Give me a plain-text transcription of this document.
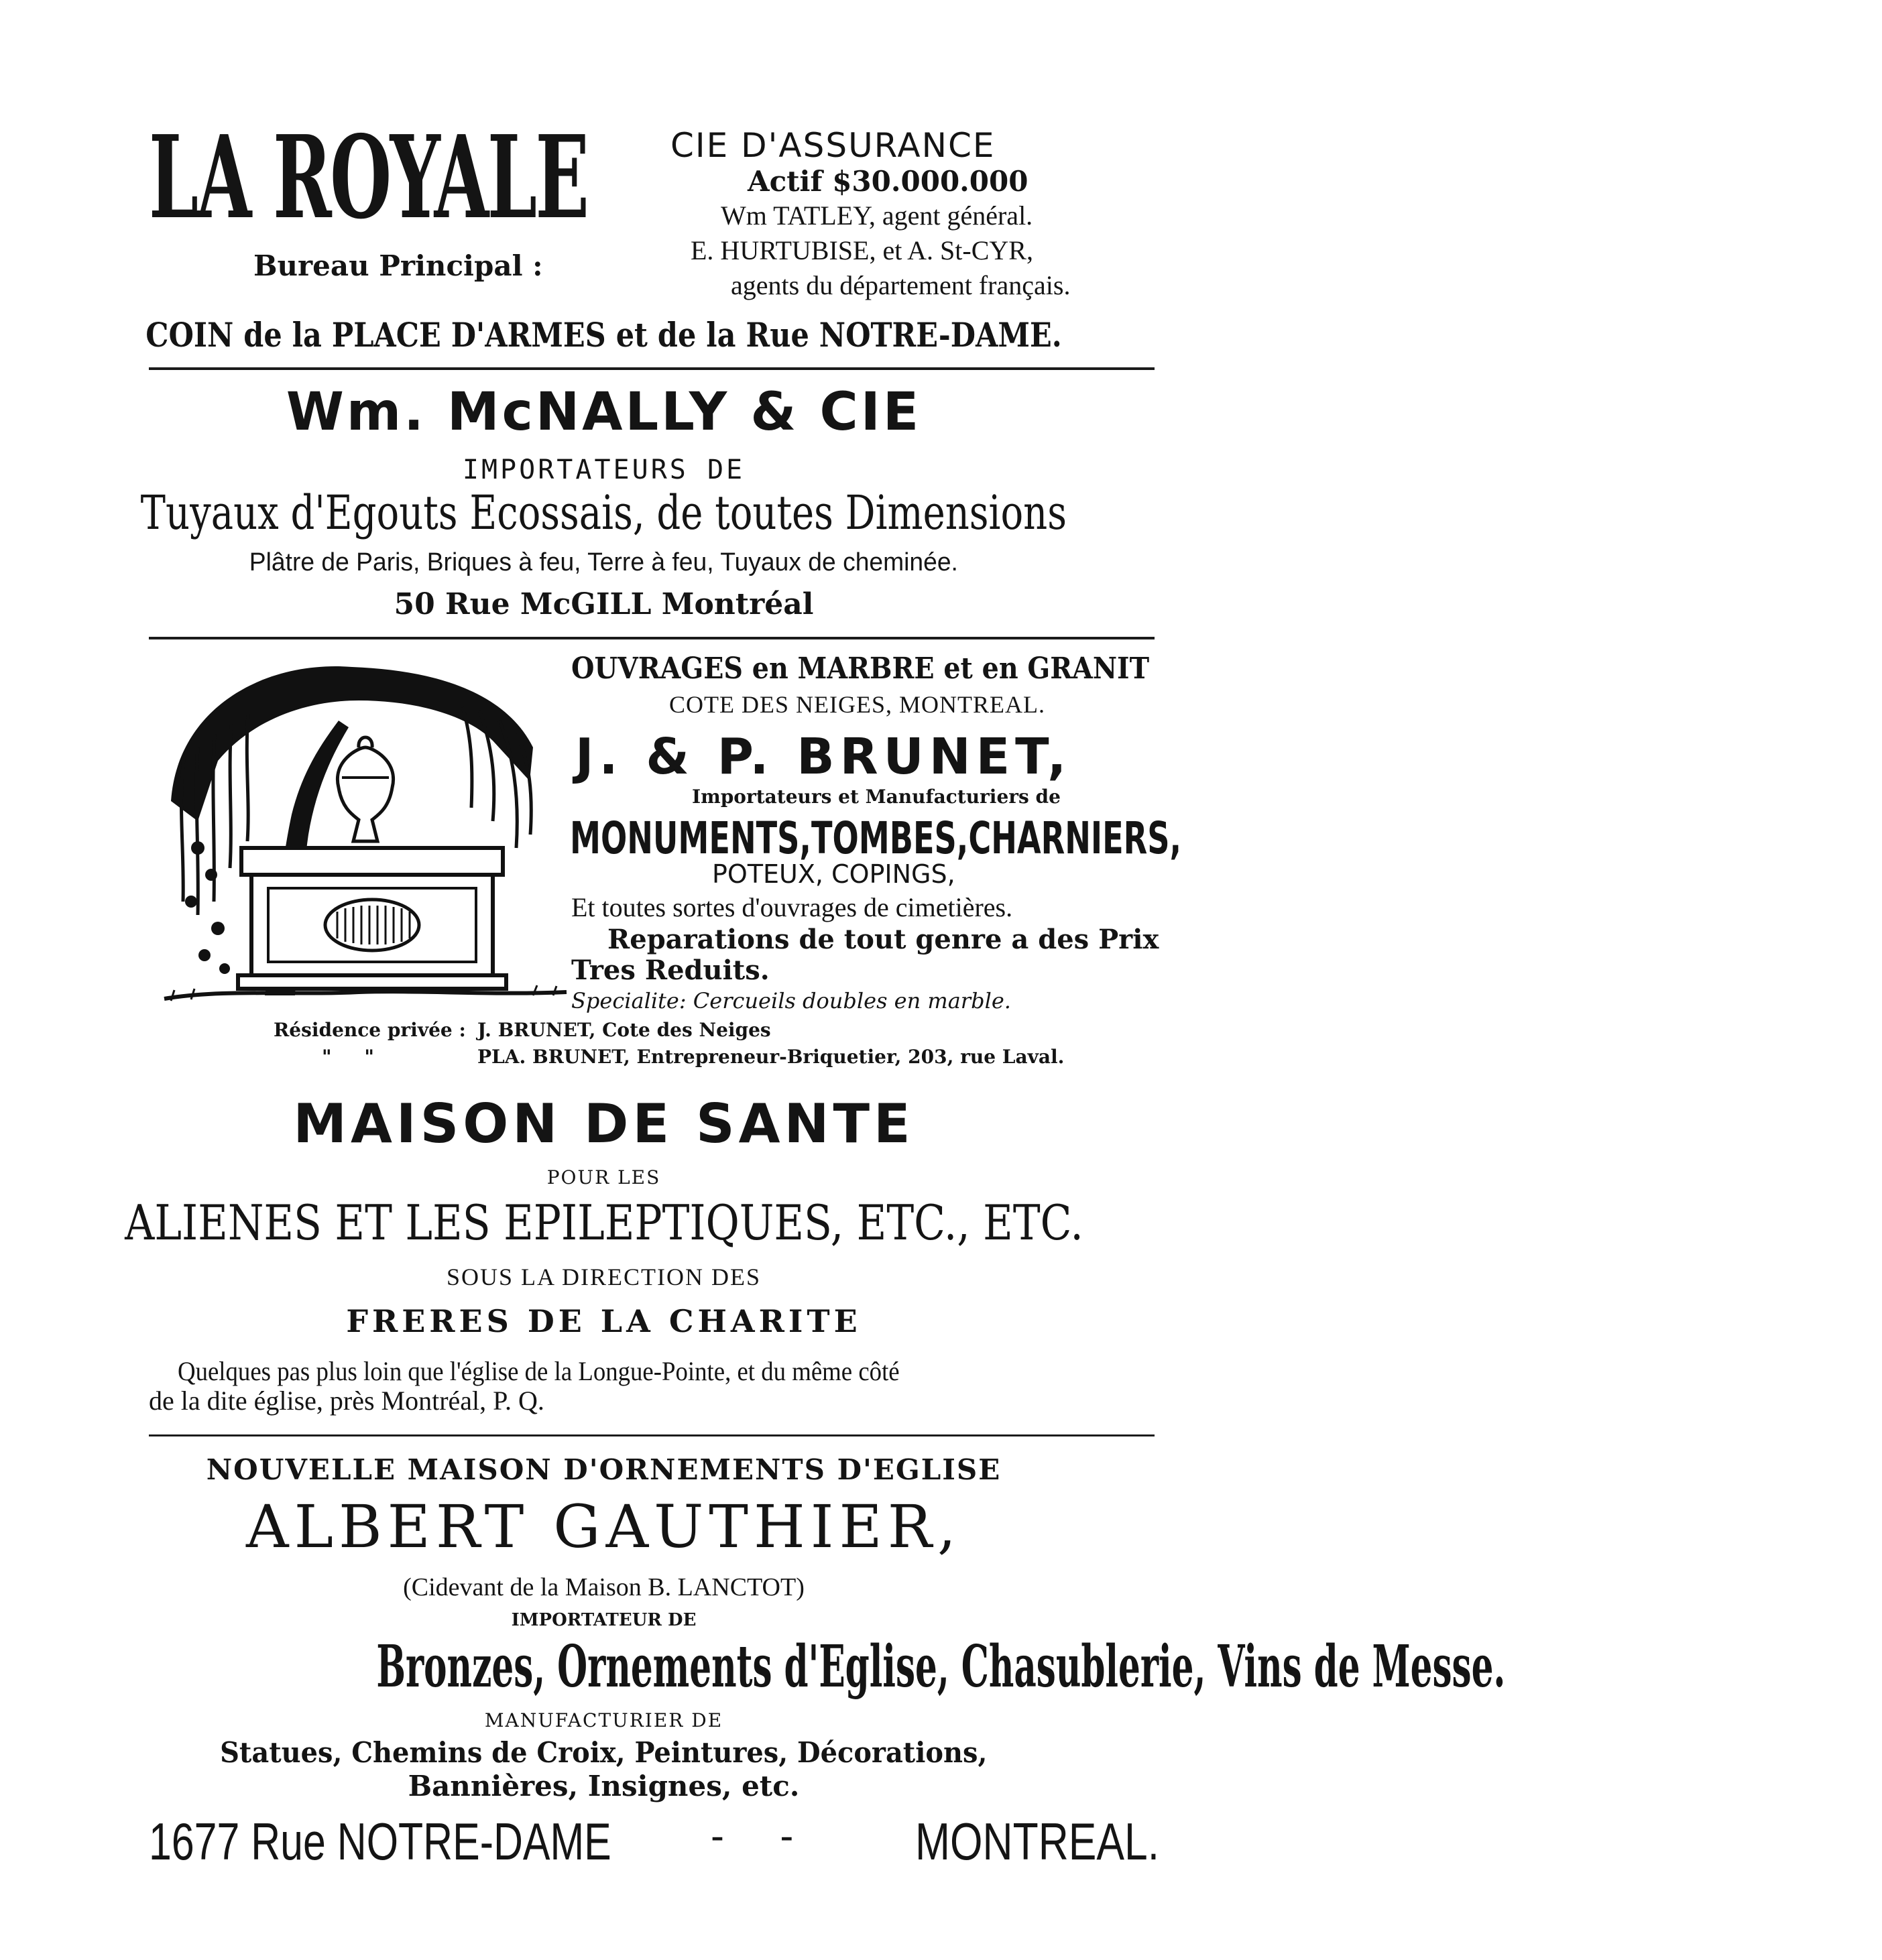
LA ROYALE	CIE D'ASSURANCE
Actif $30.000.000
Wm TATLEY, agent général.
Bureau Principal :	E. HURTUBISE, et A. St-CYR,
agents du département français.
COIN de la PLACE D'ARMES et de la Rue NOTRE-DAME.
Wm. McNALLY & CIE
IMPORTATEURS DE
Tuyaux d'Egouts Ecossais, de toutes Dimensions
Plâtre de Paris, Briques à feu, Terre à feu, Tuyaux de cheminée.
50 Rue McGILL Montréal
OUVRAGES en MARBRE et en GRANIT
COTE DES NEIGES, MONTREAL.
J. & P. BRUNET,
Importateurs et Manufacturiers de
MONUMENTS,TOMBES,CHARNIERS,
POTEUX, COPINGS,
Et toutes sortes d'ouvrages de cimetières.
Reparations de tout genre a des Prix
Tres Reduits.
Specialite: Cercueils doubles en marble.
Résidence privée : J. BRUNET, Cote des Neiges
"     "	PLA. BRUNET, Entrepreneur-Briquetier, 203, rue Laval.
MAISON DE SANTE
POUR LES
ALIENES ET LES EPILEPTIQUES, ETC., ETC.
SOUS LA DIRECTION DES
FRERES DE LA CHARITE
Quelques pas plus loin que l'église de la Longue-Pointe, et du même côté
de la dite église, près Montréal, P. Q.
NOUVELLE MAISON D'ORNEMENTS D'EGLISE
ALBERT GAUTHIER,
(Cidevant de la Maison B. LANCTOT)
IMPORTATEUR DE
Bronzes, Ornements d'Eglise, Chasublerie, Vins de Messe.
MANUFACTURIER DE
Statues, Chemins de Croix, Peintures, Décorations,
Bannières, Insignes, etc.
1677 Rue NOTRE-DAME	-     - MONTREAL.
